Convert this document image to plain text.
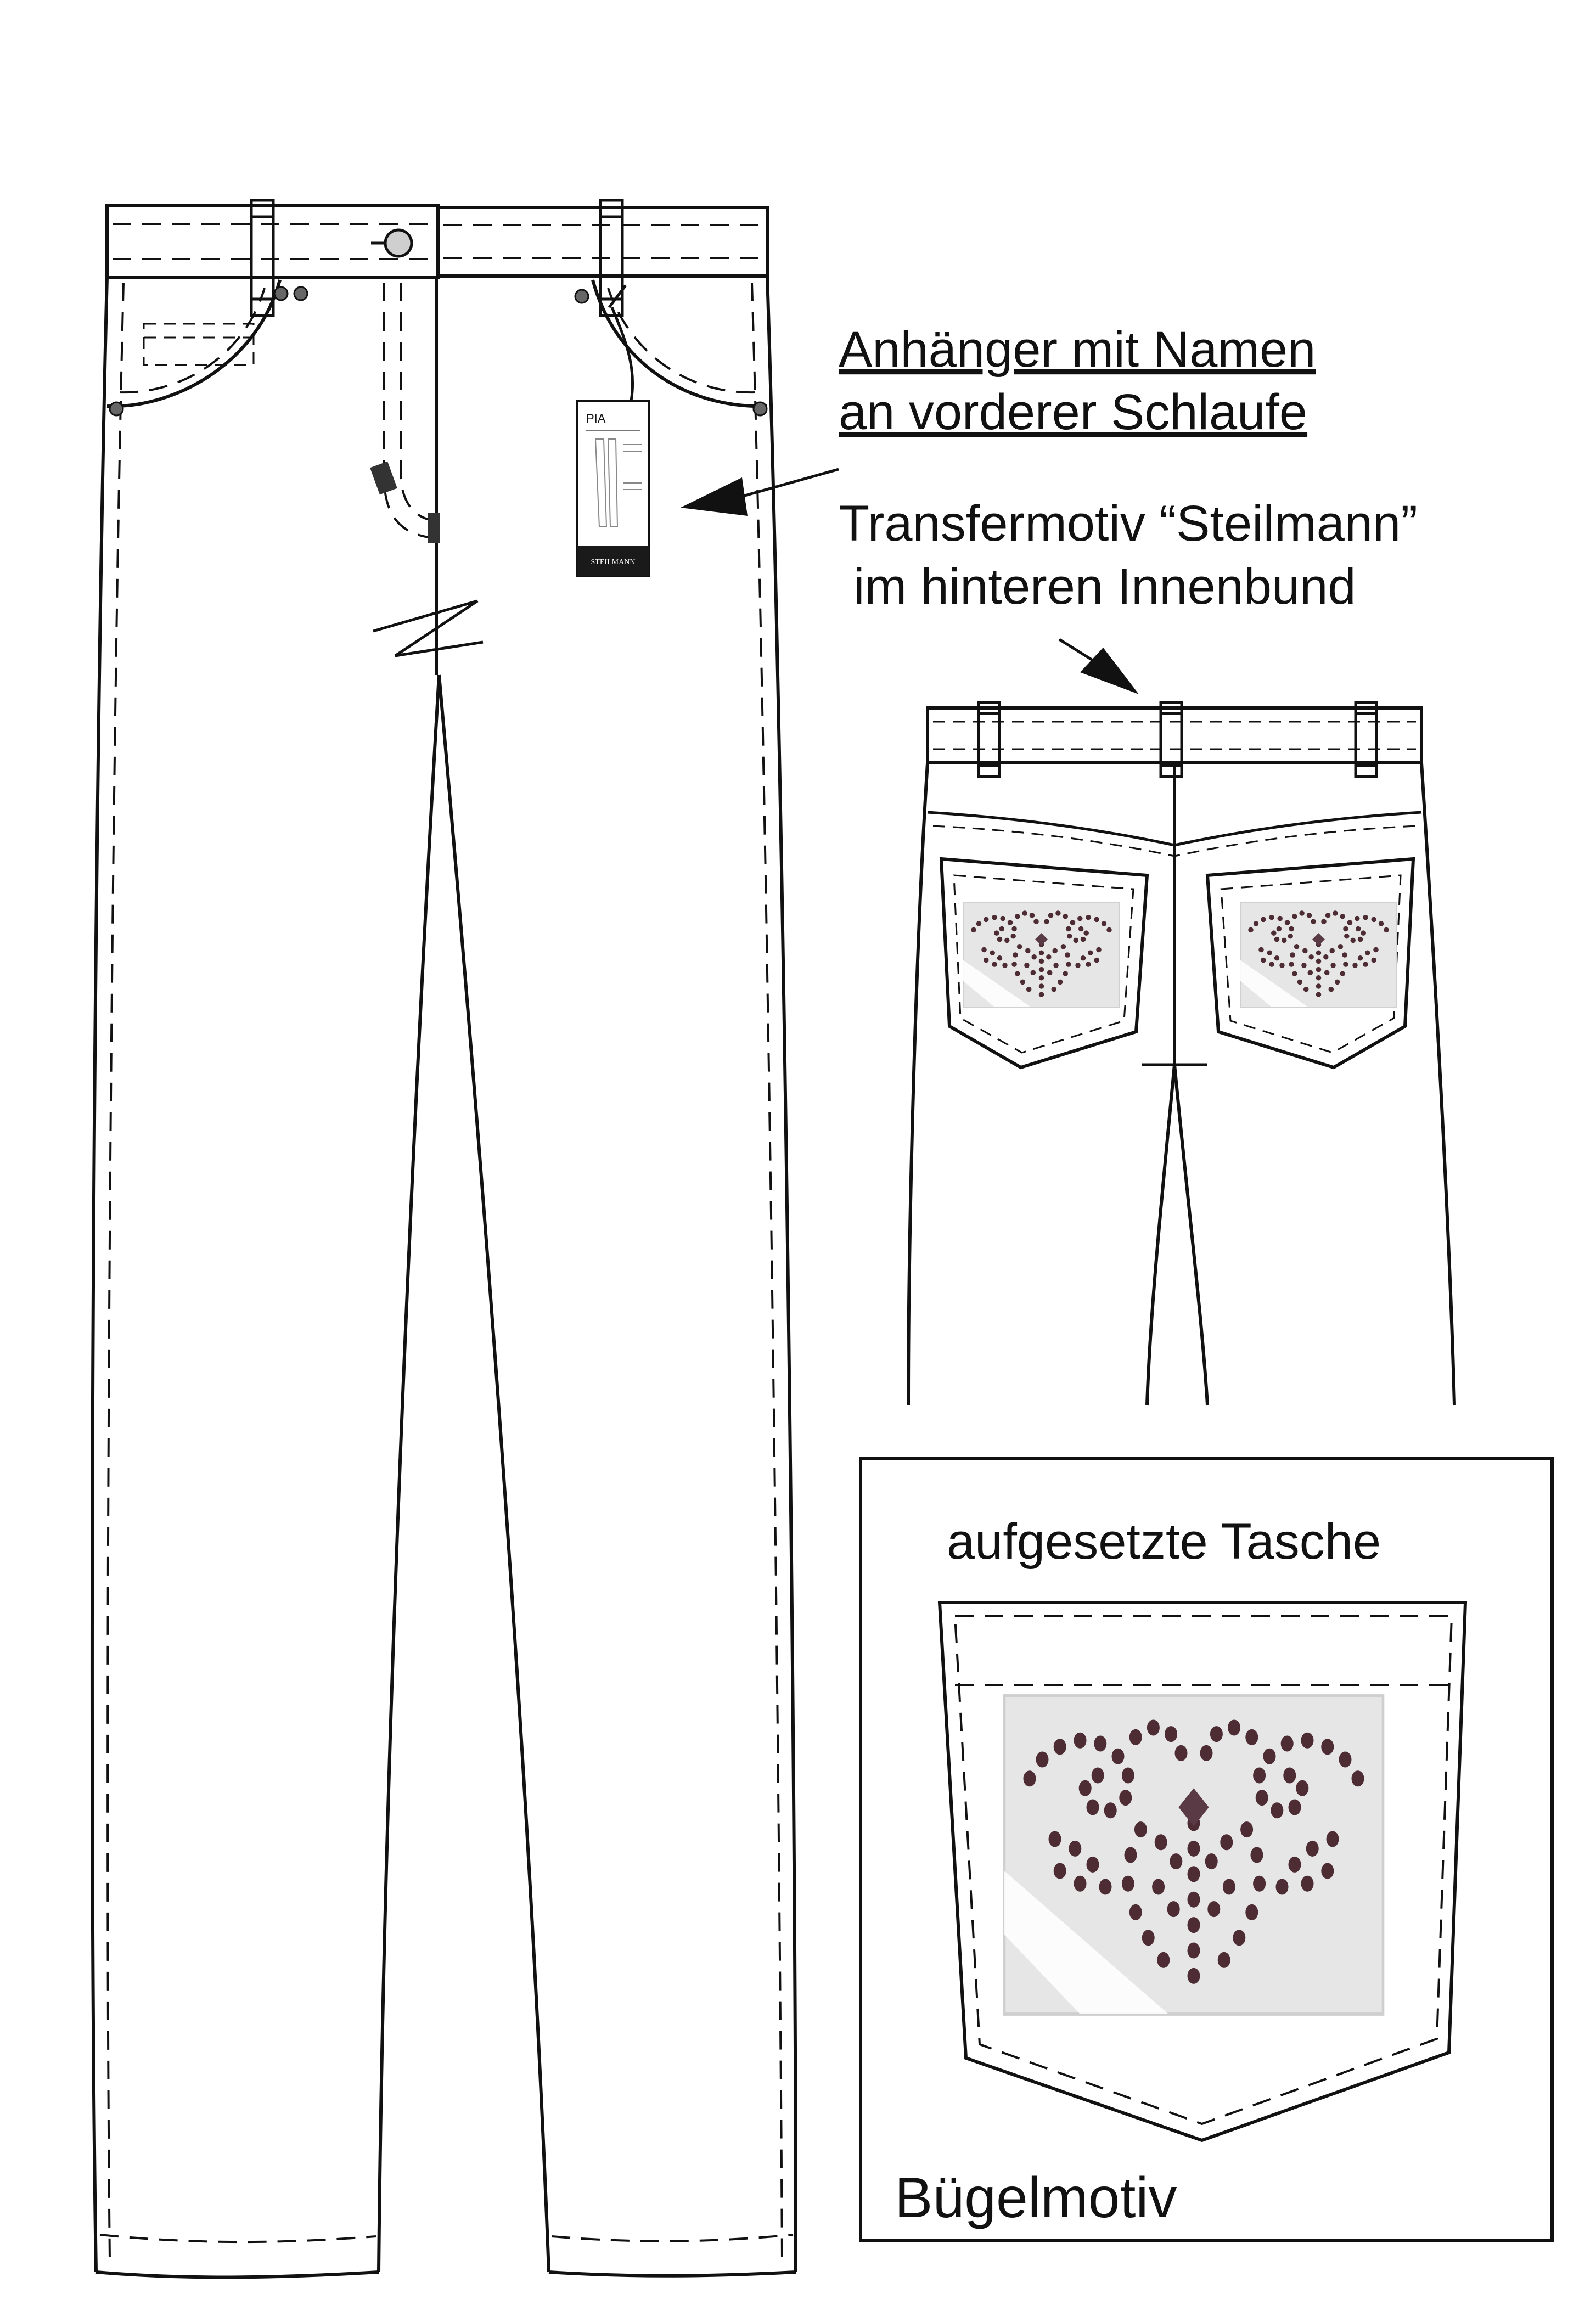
PIA
STEILMANN
Anhänger mit Namen
an vorderer Schlaufe
Transfermotiv “Steilmann”
im hinteren Innenbund
aufgesetzte Tasche
Bügelmotiv
